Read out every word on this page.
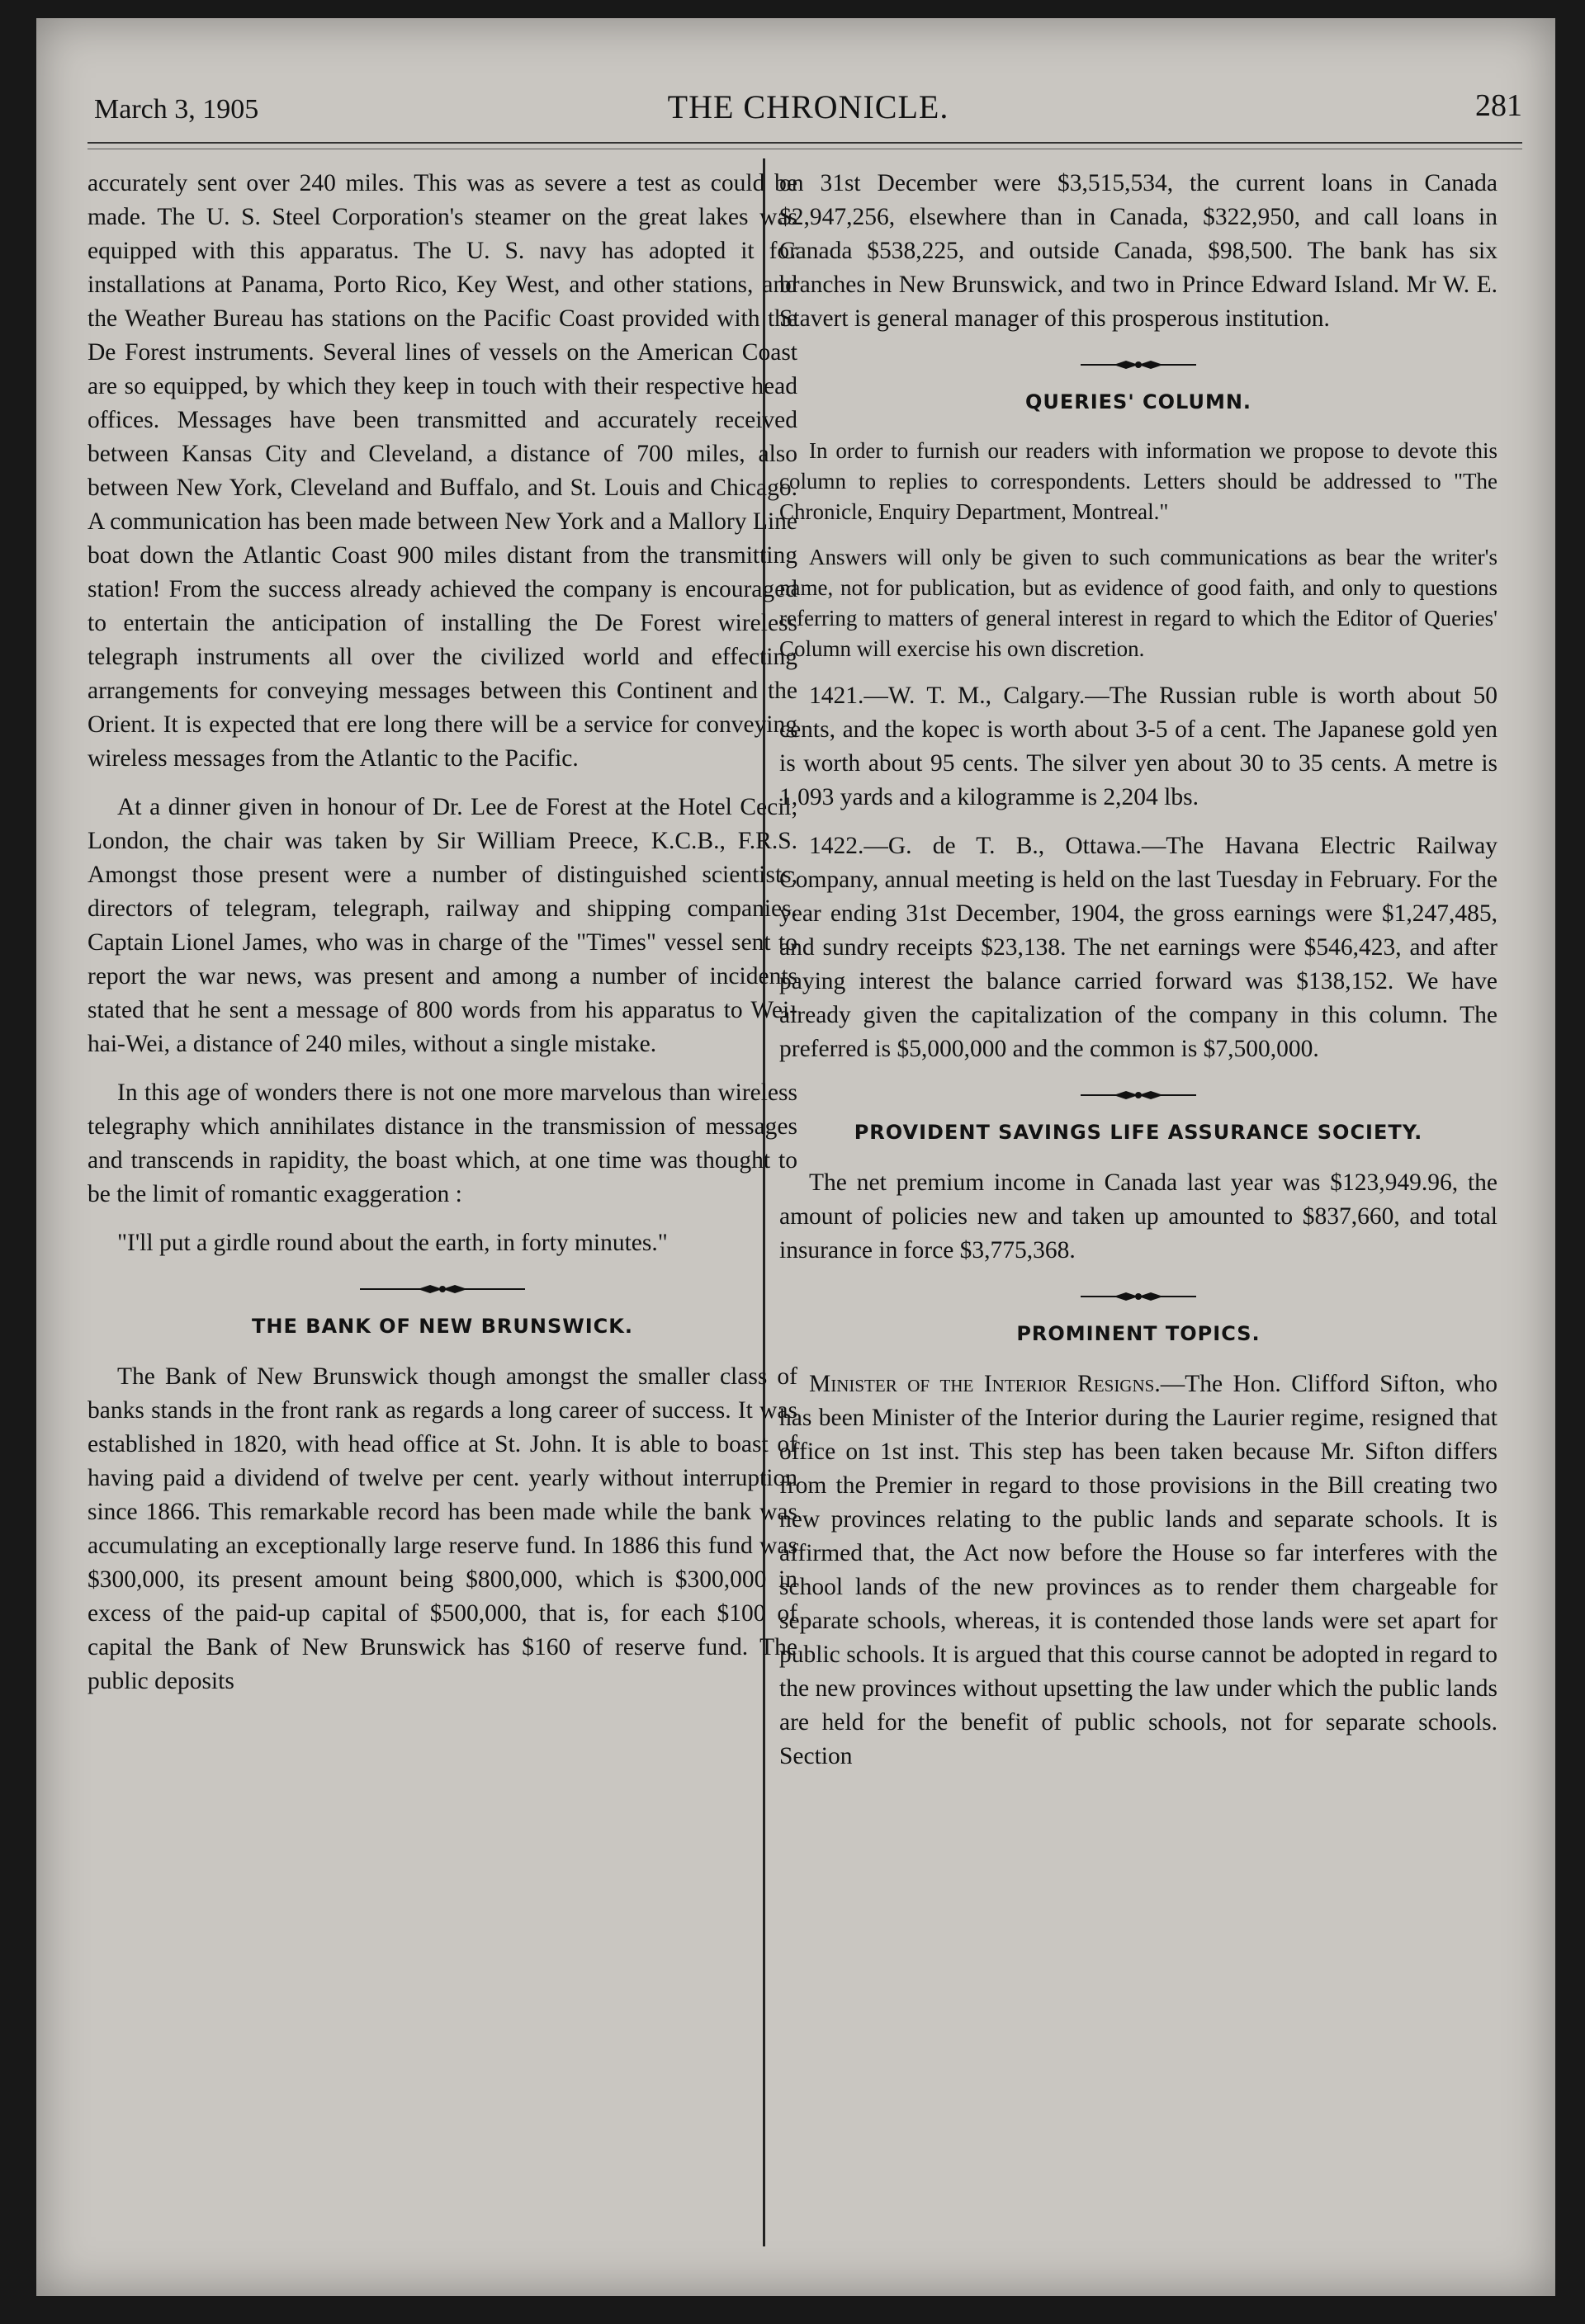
March 3, 1905	THE CHRONICLE.	281

accurately sent over 240 miles. This was as severe a test as could be made. The U. S. Steel Corporation's steamer on the great lakes was equipped with this apparatus. The U. S. navy has adopted it for installations at Panama, Porto Rico, Key West, and other stations, and the Weather Bureau has stations on the Pacific Coast provided with the De Forest instruments. Several lines of vessels on the American Coast are so equipped, by which they keep in touch with their respective head offices. Messages have been transmitted and accurately received between Kansas City and Cleveland, a distance of 700 miles, also between New York, Cleveland and Buffalo, and St. Louis and Chicago. A communication has been made between New York and a Mallory Line boat down the Atlantic Coast 900 miles distant from the transmitting station! From the success already achieved the company is encouraged to entertain the anticipation of installing the De Forest wireless telegraph instruments all over the civilized world and effecting arrangements for conveying messages between this Continent and the Orient. It is expected that ere long there will be a service for conveying wireless messages from the Atlantic to the Pacific.

At a dinner given in honour of Dr. Lee de Forest at the Hotel Cecil, London, the chair was taken by Sir William Preece, K.C.B., F.R.S. Amongst those present were a number of distinguished scientists, directors of telegram, telegraph, railway and shipping companies. Captain Lionel James, who was in charge of the "Times" vessel sent to report the war news, was present and among a number of incidents stated that he sent a message of 800 words from his apparatus to Wei-hai-Wei, a distance of 240 miles, without a single mistake.

In this age of wonders there is not one more marvelous than wireless telegraphy which annihilates distance in the transmission of messages and transcends in rapidity, the boast which, at one time was thought to be the limit of romantic exaggeration :

"I'll put a girdle round about the earth, in forty minutes."

THE BANK OF NEW BRUNSWICK.

The Bank of New Brunswick though amongst the smaller class of banks stands in the front rank as regards a long career of success. It was established in 1820, with head office at St. John. It is able to boast of having paid a dividend of twelve per cent. yearly without interruption since 1866. This remarkable record has been made while the bank was accumulating an exceptionally large reserve fund. In 1886 this fund was $300,000, its present amount being $800,000, which is $300,000 in excess of the paid-up capital of $500,000, that is, for each $100 of capital the Bank of New Brunswick has $160 of reserve fund. The public deposits

on 31st December were $3,515,534, the current loans in Canada $2,947,256, elsewhere than in Canada, $322,950, and call loans in Canada $538,225, and outside Canada, $98,500. The bank has six branches in New Brunswick, and two in Prince Edward Island. Mr W. E. Stavert is general manager of this prosperous institution.

QUERIES' COLUMN.

In order to furnish our readers with information we propose to devote this column to replies to correspondents. Letters should be addressed to "The Chronicle, Enquiry Department, Montreal."

Answers will only be given to such communications as bear the writer's name, not for publication, but as evidence of good faith, and only to questions referring to matters of general interest in regard to which the Editor of Queries' Column will exercise his own discretion.

1421.—W. T. M., Calgary.—The Russian ruble is worth about 50 cents, and the kopec is worth about 3-5 of a cent. The Japanese gold yen is worth about 95 cents. The silver yen about 30 to 35 cents. A metre is 1,093 yards and a kilogramme is 2,204 lbs.

1422.—G. de T. B., Ottawa.—The Havana Electric Railway Company, annual meeting is held on the last Tuesday in February. For the year ending 31st December, 1904, the gross earnings were $1,247,485, and sundry receipts $23,138. The net earnings were $546,423, and after paying interest the balance carried forward was $138,152. We have already given the capitalization of the company in this column. The preferred is $5,000,000 and the common is $7,500,000.

PROVIDENT SAVINGS LIFE ASSURANCE SOCIETY.

The net premium income in Canada last year was $123,949.96, the amount of policies new and taken up amounted to $837,660, and total insurance in force $3,775,368.

PROMINENT TOPICS.

Minister of the Interior Resigns.—The Hon. Clifford Sifton, who has been Minister of the Interior during the Laurier regime, resigned that office on 1st inst. This step has been taken because Mr. Sifton differs from the Premier in regard to those provisions in the Bill creating two new provinces relating to the public lands and separate schools. It is affirmed that, the Act now before the House so far interferes with the school lands of the new provinces as to render them chargeable for separate schools, whereas, it is contended those lands were set apart for public schools. It is argued that this course cannot be adopted in regard to the new provinces without upsetting the law under which the public lands are held for the benefit of public schools, not for separate schools. Section
